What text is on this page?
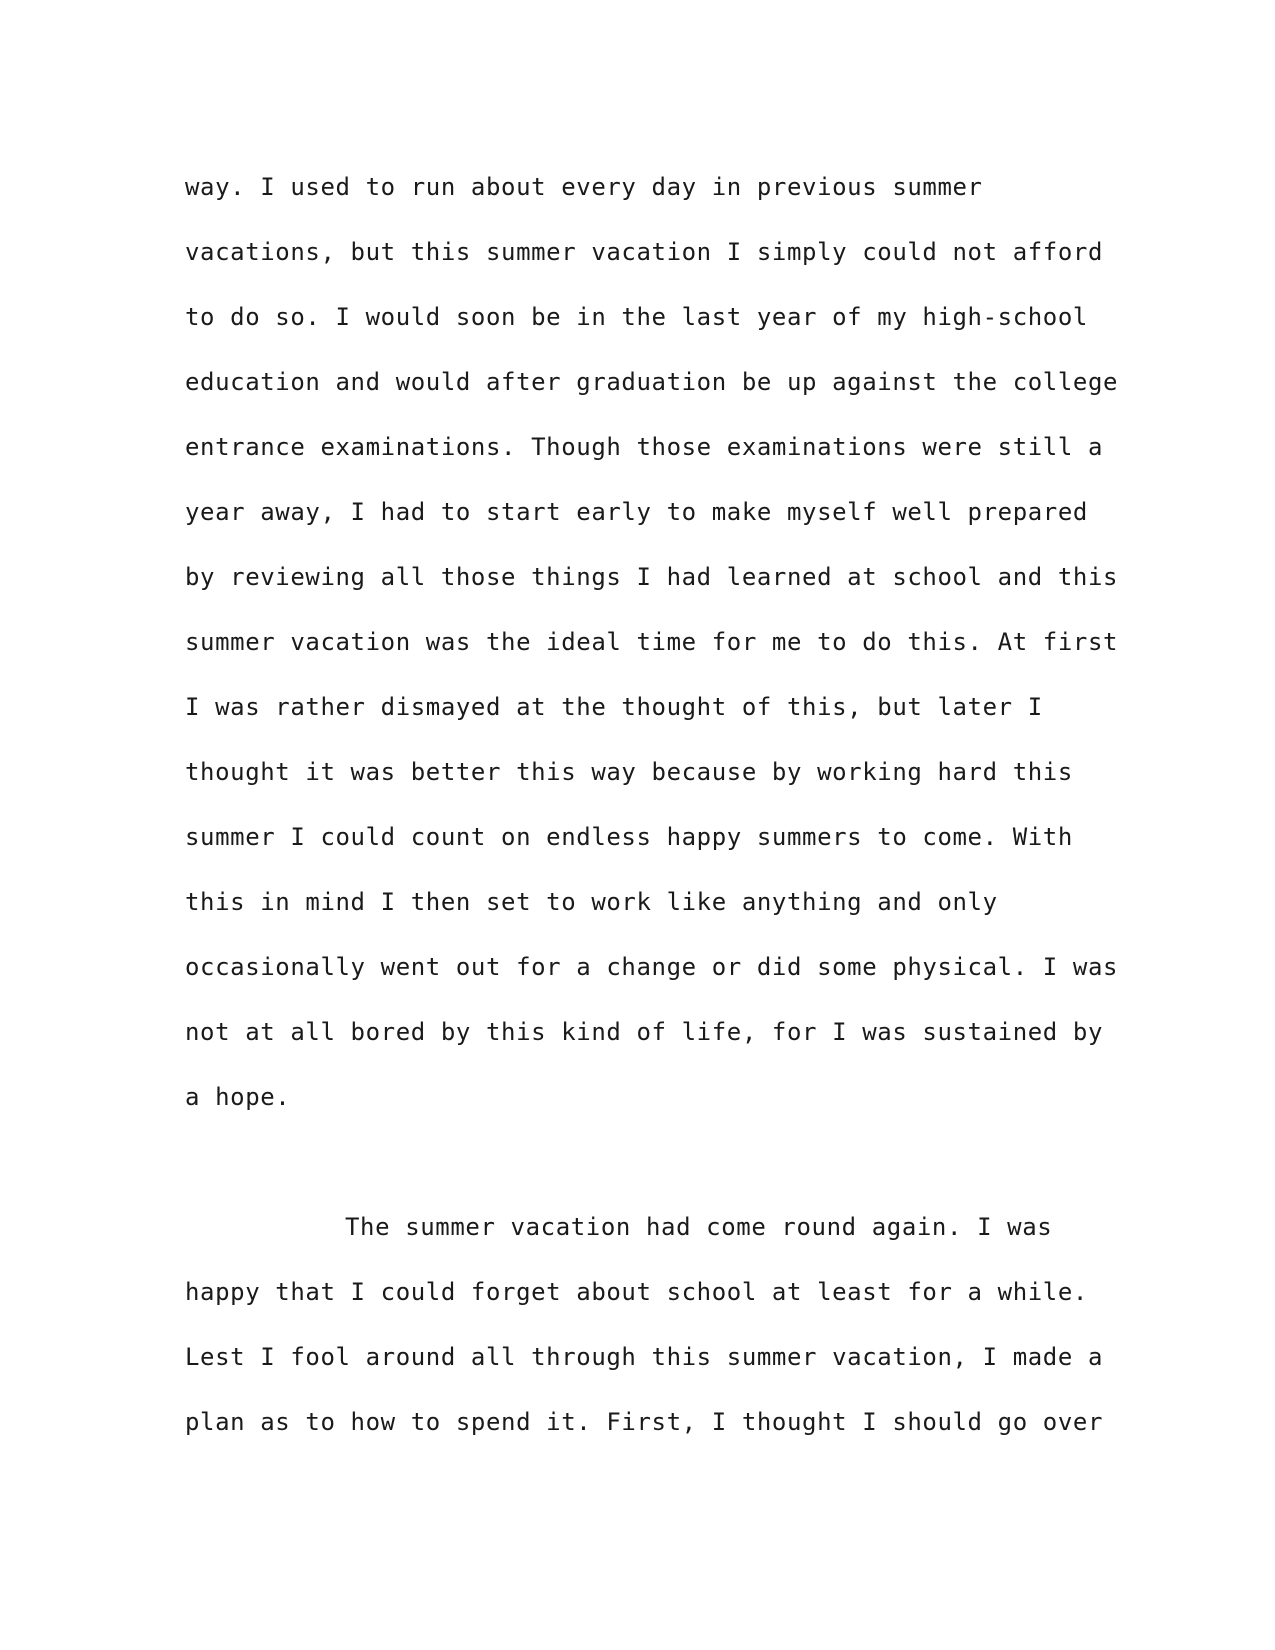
way. I used to run about every day in previous summer
vacations, but this summer vacation I simply could not afford
to do so. I would soon be in the last year of my high-school
education and would after graduation be up against the college
entrance examinations. Though those examinations were still a
year away, I had to start early to make myself well prepared
by reviewing all those things I had learned at school and this
summer vacation was the ideal time for me to do this. At first
I was rather dismayed at the thought of this, but later I
thought it was better this way because by working hard this
summer I could count on endless happy summers to come. With
this in mind I then set to work like anything and only
occasionally went out for a change or did some physical. I was
not at all bored by this kind of life, for I was sustained by
a hope.
The summer vacation had come round again. I was
happy that I could forget about school at least for a while.
Lest I fool around all through this summer vacation, I made a
plan as to how to spend it. First, I thought I should go over
